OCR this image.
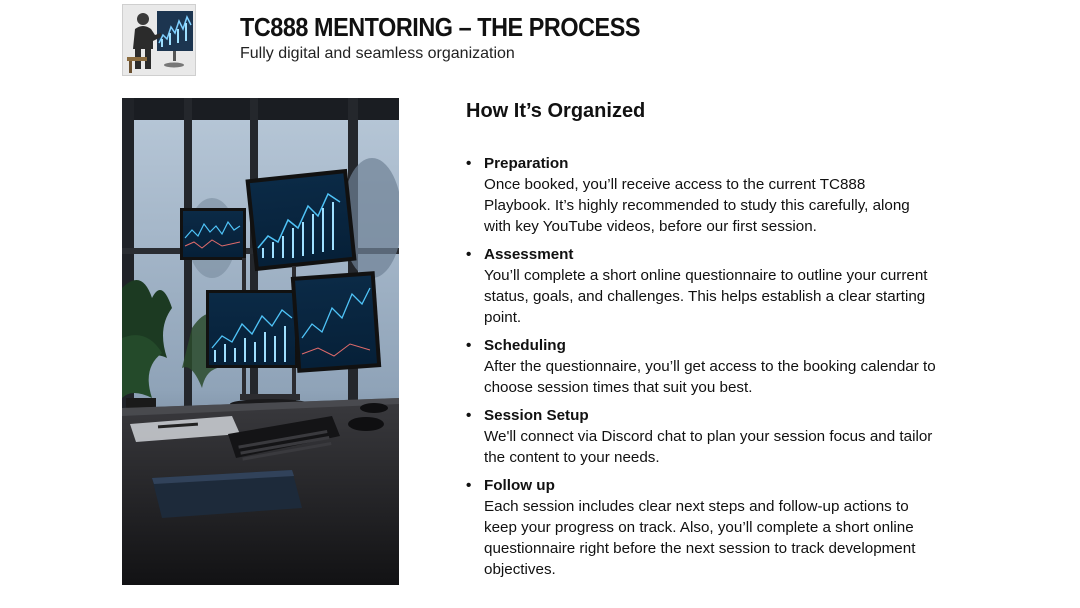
TC888 MENTORING – THE PROCESS
Fully digital and seamless organization
How It’s Organized
• Preparation
Once booked, you’ll receive access to the current TC888 Playbook. It’s highly recommended to study this carefully, along with key YouTube videos, before our first session.
• Assessment
You’ll complete a short online questionnaire to outline your current status, goals, and challenges. This helps establish a clear starting point.
• Scheduling
After the questionnaire, you’ll get access to the booking calendar to choose session times that suit you best.
• Session Setup
We'll connect via Discord chat to plan your session focus and tailor the content to your needs.
• Follow up
Each session includes clear next steps and follow-up actions to keep your progress on track. Also, you’ll complete a short online questionnaire right before the next session to track development objectives.
